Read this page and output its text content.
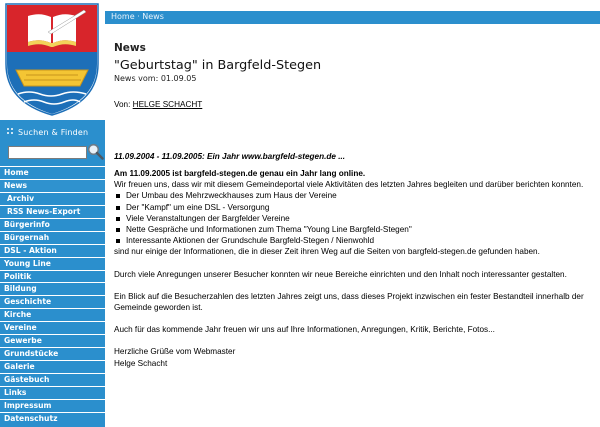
Suchen & Finden
Home
News
Archiv
RSS News-Export
Bürgerinfo
Bürgernah
DSL - Aktion
Young Line
Politik
Bildung
Geschichte
Kirche
Vereine
Gewerbe
Grundstücke
Galerie
Gästebuch
Links
Impressum
Datenschutz
Home · News
News
"Geburtstag" in Bargfeld-Stegen
News vom: 01.09.05
Von: HELGE SCHACHT
11.09.2004 - 11.09.2005: Ein Jahr www.bargfeld-stegen.de ...

Am 11.09.2005 ist bargfeld-stegen.de genau ein Jahr lang online.

Wir freuen uns, dass wir mit diesem Gemeindeportal viele Aktivitäten des letzten Jahres begleiten und darüber berichten konnten.

Der Umbau des Mehrzweckhauses zum Haus der Vereine
Der "Kampf" um eine DSL - Versorgung
Viele Veranstaltungen der Bargfelder Vereine
Nette Gespräche und Informationen zum Thema "Young Line Bargfeld-Stegen"
Interessante Aktionen der Grundschule Bargfeld-Stegen / Nienwohld

sind nur einige der Informationen, die in dieser Zeit ihren Weg auf die Seiten von bargfeld-stegen.de gefunden haben.

Durch viele Anregungen unserer Besucher konnten wir neue Bereiche einrichten und den Inhalt noch interessanter gestalten.

Ein Blick auf die Besucherzahlen des letzten Jahres zeigt uns, dass dieses Projekt inzwischen ein fester Bestandteil innerhalb der Gemeinde geworden ist.

Auch für das kommende Jahr freuen wir uns auf Ihre Informationen, Anregungen, Kritik, Berichte, Fotos...

Herzliche Grüße vom Webmaster

Helge Schacht
